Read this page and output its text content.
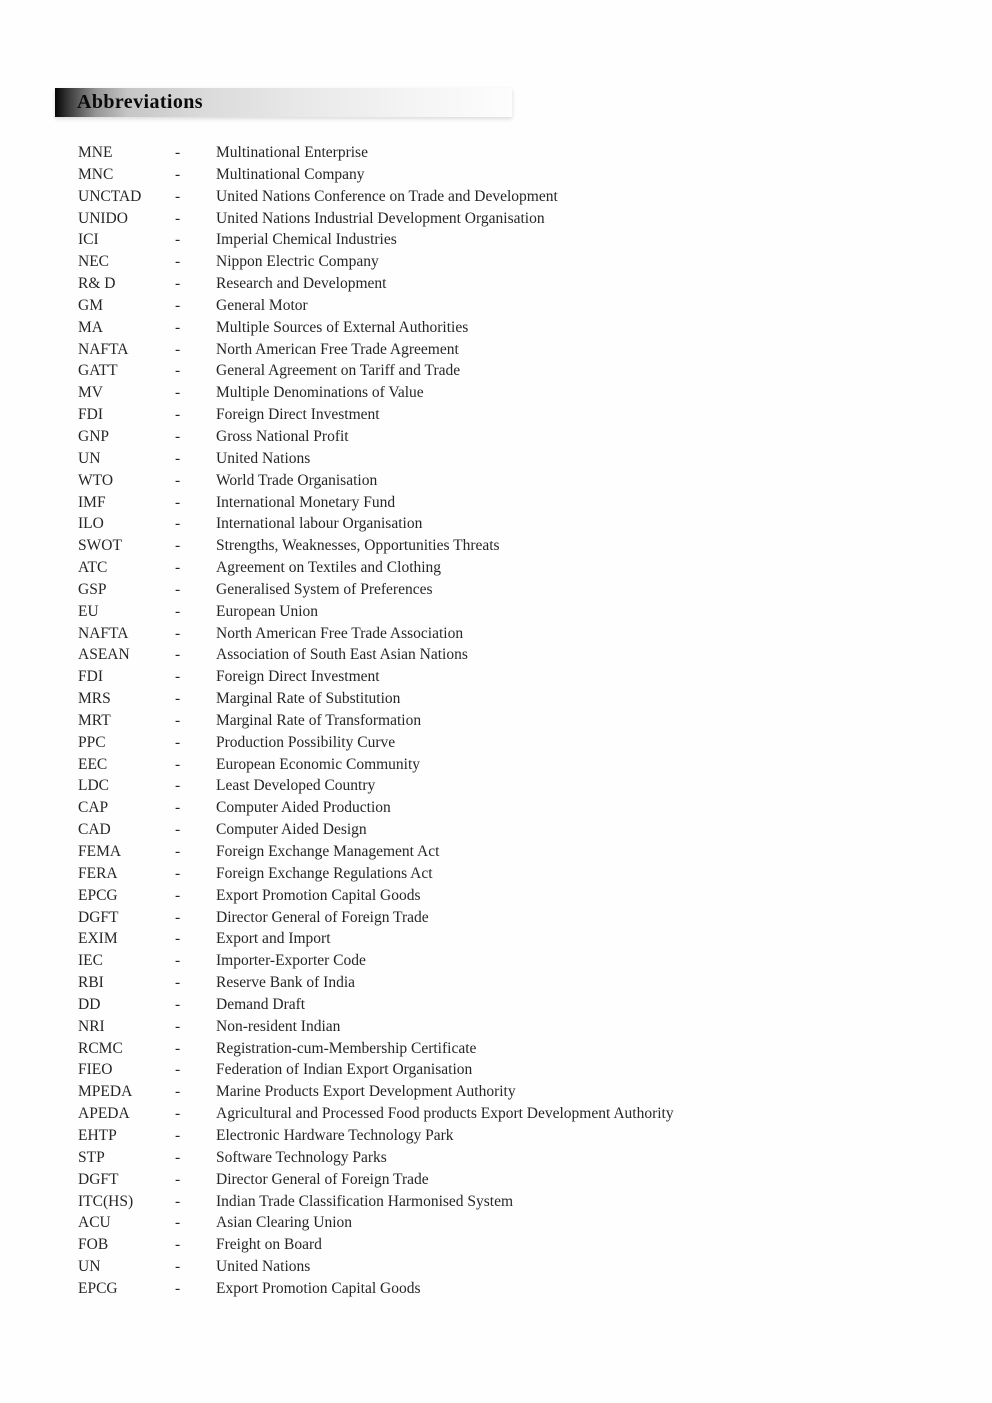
Abbreviations
MNE	-	Multinational Enterprise
MNC	-	Multinational Company
UNCTAD	-	United Nations Conference on Trade and Development
UNIDO	-	United Nations Industrial Development Organisation
ICI	-	Imperial Chemical Industries
NEC	-	Nippon Electric Company
R& D	-	Research and Development
GM	-	General Motor
MA	-	Multiple Sources of External Authorities
NAFTA	-	North American Free Trade Agreement
GATT	-	General Agreement on Tariff and Trade
MV	-	Multiple Denominations of Value
FDI	-	Foreign Direct Investment
GNP	-	Gross National Profit
UN	-	United Nations
WTO	-	World Trade Organisation
IMF	-	International Monetary Fund
ILO	-	International labour Organisation
SWOT	-	Strengths, Weaknesses, Opportunities Threats
ATC	-	Agreement on Textiles and Clothing
GSP	-	Generalised System of Preferences
EU	-	European Union
NAFTA	-	North American Free Trade Association
ASEAN	-	Association of South East Asian Nations
FDI	-	Foreign Direct Investment
MRS	-	Marginal Rate of Substitution
MRT	-	Marginal Rate of Transformation
PPC	-	Production Possibility Curve
EEC	-	European Economic Community
LDC	-	Least Developed Country
CAP	-	Computer Aided Production
CAD	-	Computer Aided Design
FEMA	-	Foreign Exchange Management Act
FERA	-	Foreign Exchange Regulations Act
EPCG	-	Export Promotion Capital Goods
DGFT	-	Director General of Foreign Trade
EXIM	-	Export and Import
IEC	-	Importer-Exporter Code
RBI	-	Reserve Bank of India
DD	-	Demand Draft
NRI	-	Non-resident Indian
RCMC	-	Registration-cum-Membership Certificate
FIEO	-	Federation of Indian Export Organisation
MPEDA	-	Marine Products Export Development Authority
APEDA	-	Agricultural and Processed Food products Export Development Authority
EHTP	-	Electronic Hardware Technology Park
STP	-	Software Technology Parks
DGFT	-	Director General of Foreign Trade
ITC(HS)	-	Indian Trade Classification Harmonised System
ACU	-	Asian Clearing Union
FOB	-	Freight on Board
UN	-	United Nations
EPCG	-	Export Promotion Capital Goods
